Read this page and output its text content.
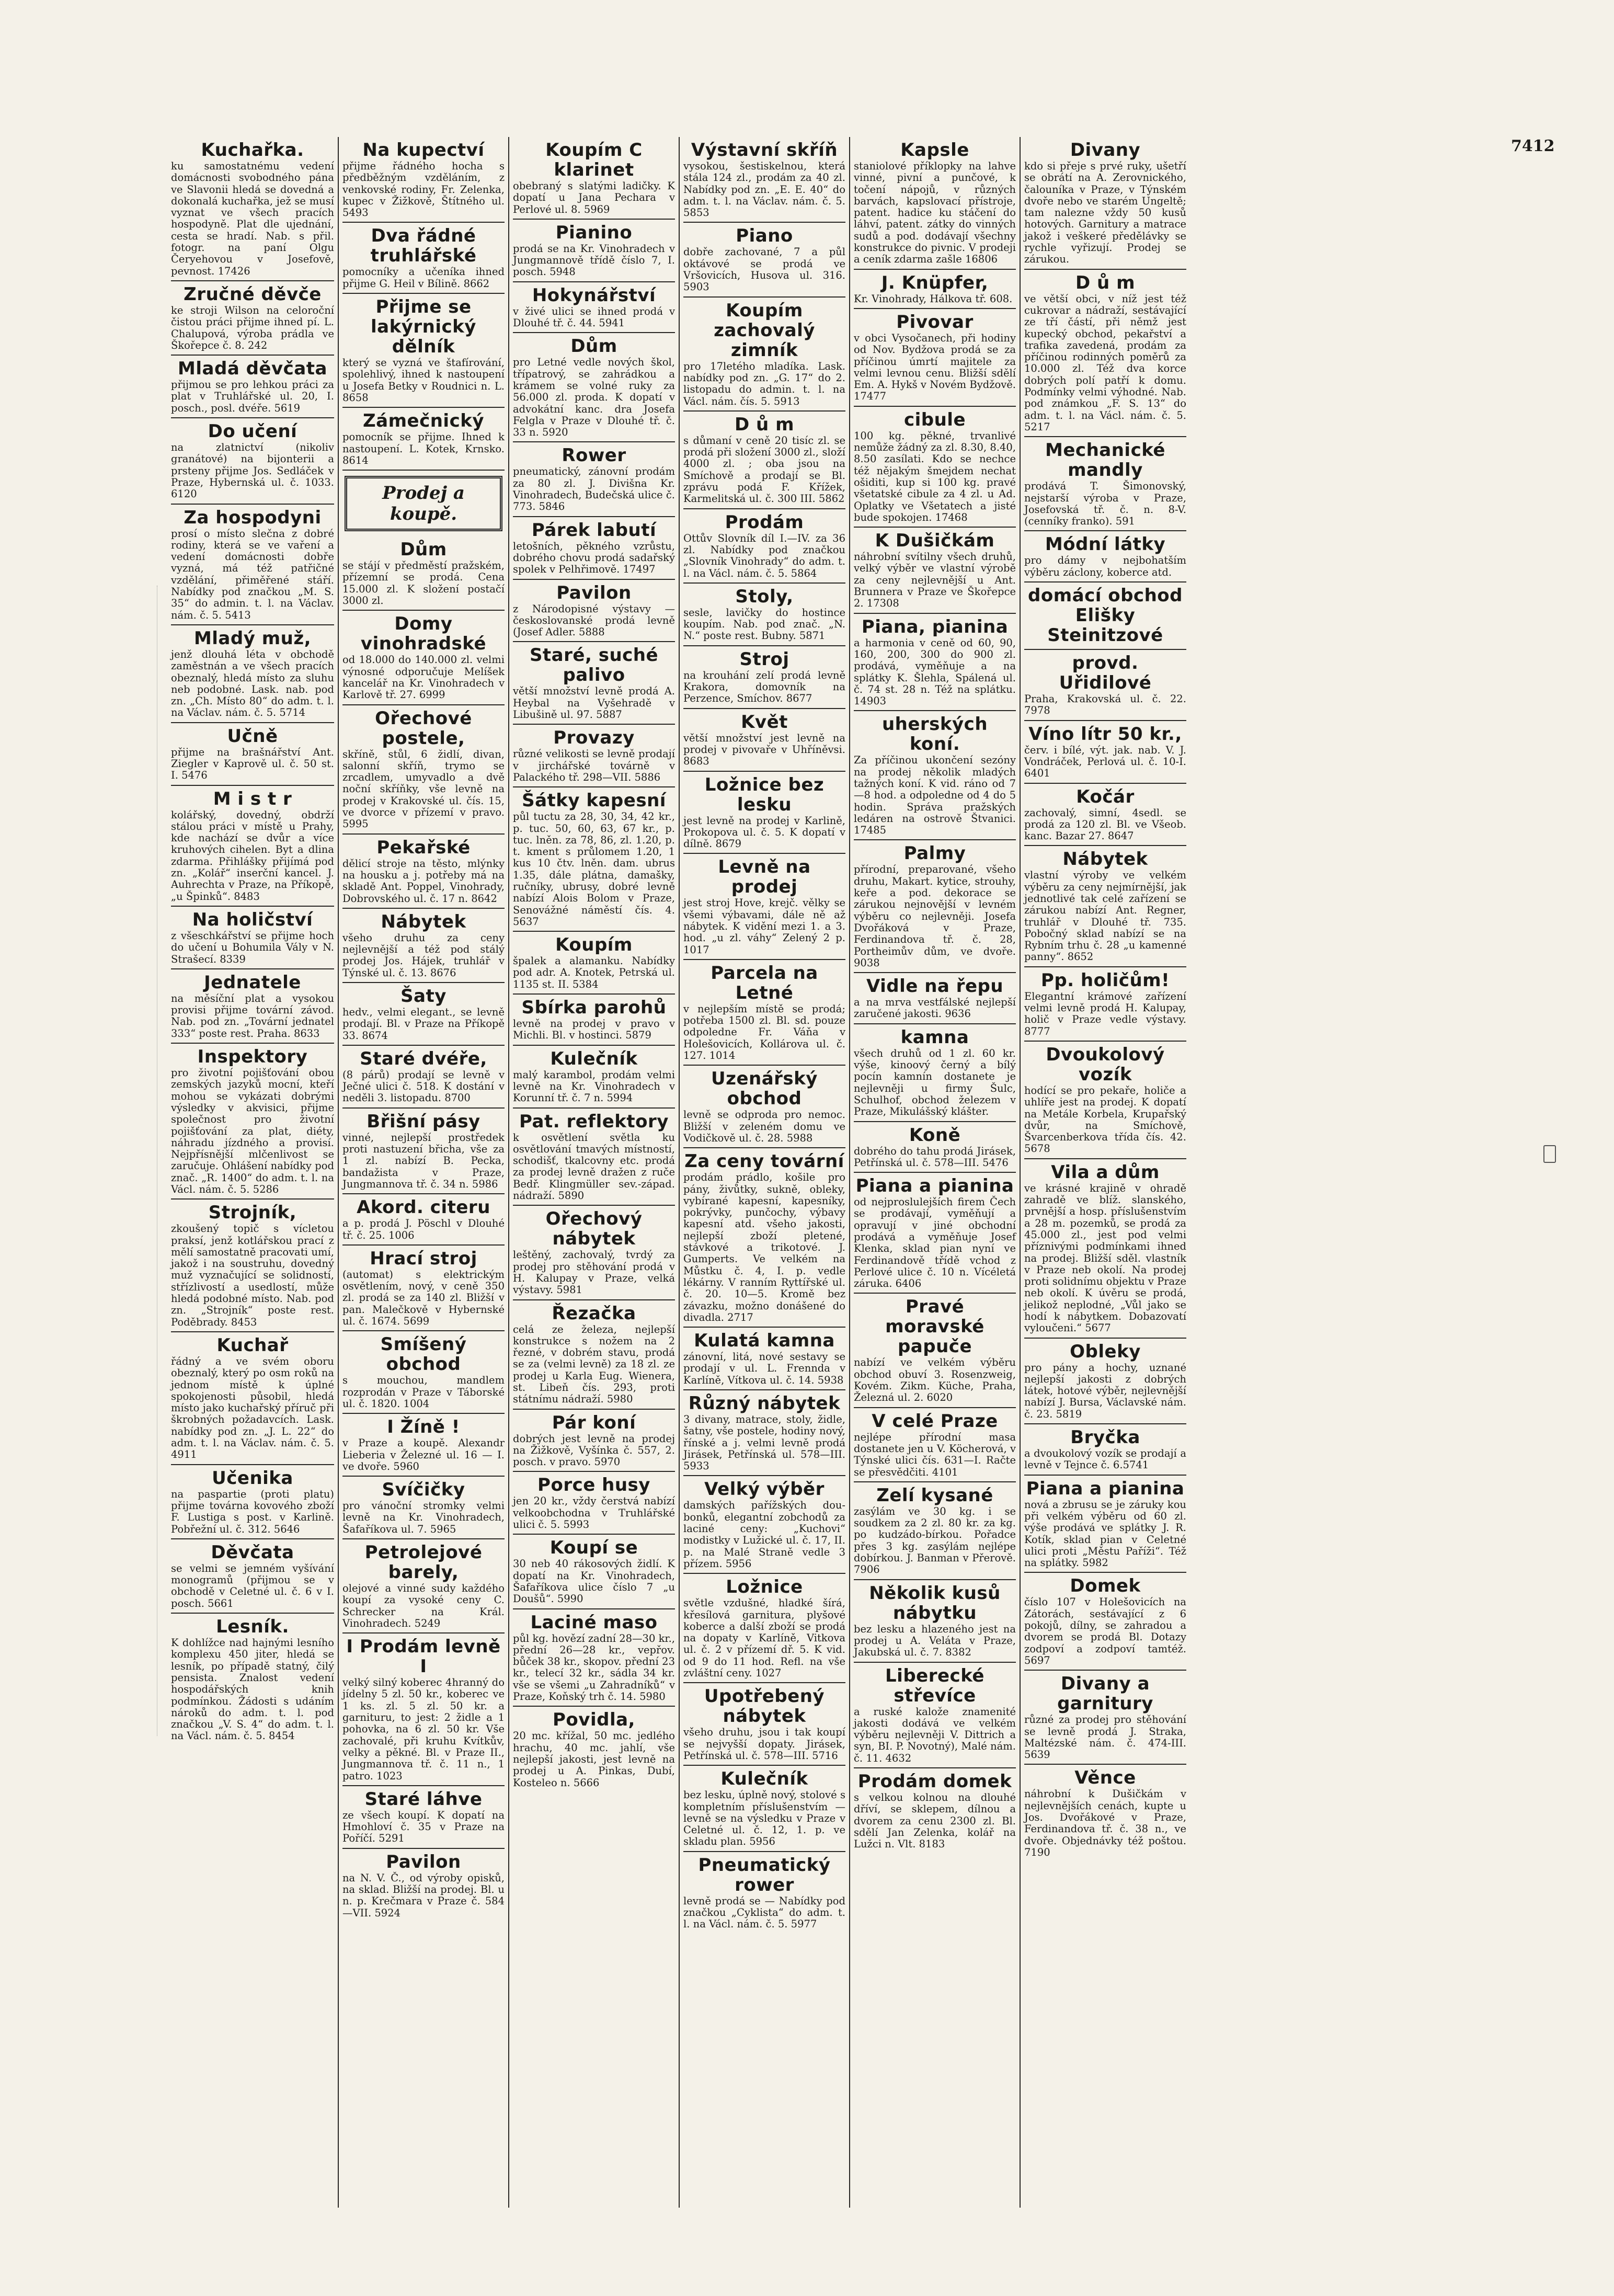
7412
Kuchařka.

ku samostatnému vedení domácnosti svobodného pána ve Slavonii hledá se dovedná a dokonalá kuchařka, jež se musí vyznat ve všech pracích hospodyně. Plat dle ujednání, cesta se hradí. Nab. s přil. fotogr. na paní Olgu Čeryehovou v Josefově, pevnost. 17426

Zručné děvče

ke stroji Wilson na celoroční čistou práci přijme ihned pí. L. Chalupová, výroba prádla ve Škořepce č. 8. 242

Mladá děvčata

přijmou se pro lehkou práci za plat v Truhlářské ul. 20, I. posch., posl. dvéře. 5619

Do učení

na zlatnictví (nikoliv granátové) na bijonterii a prsteny přijme Jos. Sedláček v Praze, Hybernská ul. č. 1033. 6120

Za hospodyni

prosí o místo slečna z dobré rodiny, která se ve vaření a vedení domácnosti dobře vyzná, má též patřičné vzdělání, přiměřené stáří. Nabídky pod značkou „M. S. 35“ do admin. t. l. na Václav. nám. č. 5. 5413

Mladý muž,

jenž dlouhá léta v obchodě zaměstnán a ve všech pracích obeznalý, hledá místo za sluhu neb podobné. Lask. nab. pod zn. „Ch. Místo 80“ do adm. t. l. na Václav. nám. č. 5. 5714

Učně

přijme na brašnářství Ant. Ziegler v Kaprově ul. č. 50 st. I. 5476

M i s t r

kolářský, dovedný, obdrží stálou práci v místě u Prahy, kde nachází se dvůr a více kruhových cihelen. Byt a dlina zdarma. Přihlášky přijímá pod zn. „Kolář“ inserční kancel. J. Auhrechta v Praze, na Příkopě, „u Špinků“. 8483

Na holičství

z všeschkářství se přijme hoch do učení u Bohumila Vály v N. Strašecí. 8339

Jednatele

na měsíční plat a vysokou provisi přijme tovární závod. Nab. pod zn. „Tovární jednatel 333“ poste rest. Praha. 8633

Inspektory

pro životní pojišťování obou zemských jazyků mocní, kteří mohou se vykázati dobrými výsledky v akvisici, přijme společnost pro životní pojišťování za plat, diéty, náhradu jízdného a provisí. Nejpřísnější mlčenlivost se zaručuje. Ohlášení nabídky pod znač. „R. 1400“ do adm. t. l. na Václ. nám. č. 5. 5286

Strojník,

zkoušený topič s vícletou praksí, jenž kotlářskou prací z mělí samostatně pracovati umí, jakož i na soustruhu, dovedný muž vyznačující se solidností, střízlivostí a usedlostí, může hledá podobné místo. Nab. pod zn. „Strojník“ poste rest. Poděbrady. 8453

Kuchař

řádný a ve svém oboru obeznalý, který po osm roků na jednom místě k úplné spokojenosti působil, hledá místo jako kuchařský příruč při škrobných požadavcích. Lask. nabídky pod zn. „J. L. 22“ do adm. t. l. na Václav. nám. č. 5. 4911

Učenika

na paspartie (proti platu) přijme továrna kovového zboží F. Lustiga s post. v Karlině. Pobřežní ul. č. 312. 5646

Děvčata

se velmi se jemném vyšívání monogramů (přijmou se v obchodě v Celetné ul. č. 6 v I. posch. 5661

Lesník.

K dohlížce nad hajnými lesního komplexu 450 jiter, hledá se lesník, po případě statný, čilý pensista. Znalost vedení hospodářských knih podmínkou. Žádosti s udáním nároků do adm. t. l. pod značkou „V. S. 4“ do adm. t. l. na Václ. nám. č. 5. 8454

Na kupectví

přijme řádného hocha s předběžným vzděláním, z venkovské rodiny, Fr. Zelenka, kupec v Žižkově, Štítného ul. 5493

Dva řádné truhlářské

pomocníky a učeníka ihned přijme G. Heil v Bílině. 8662

Přijme se lakýrnický dělník

který se vyzná ve štafírování, spolehlivý, ihned k nastoupení u Josefa Betky v Roudnici n. L. 8658

Zámečnický

pomocník se přijme. Ihned k nastoupení. L. Kotek, Krnsko. 8614

Prodej a koupě.
Dům

se stájí v předměstí pražském, přízemní se prodá. Cena 15.000 zl. K složení postačí 3000 zl.

Domy vinohradské

od 18.000 do 140.000 zl. velmi výnosné odporučuje Melíšek kancelář na Kr. Vinohradech v Karlově tř. 27. 6999

Ořechové postele,

skříně, stůl, 6 židlí, divan, salonní skříň, trymo se zrcadlem, umyvadlo a dvě noční skříňky, vše levně na prodej v Krakovské ul. čís. 15, ve dvorce v přízemí v pravo. 5995

Pekařské

dělicí stroje na těsto, mlýnky na housku a j. potřeby má na skladě Ant. Poppel, Vinohrady, Dobrovského ul. č. 17 n. 8642

Nábytek

všeho druhu za ceny nejlevnější a též pod stálý prodej Jos. Hájek, truhlář v Týnské ul. č. 13. 8676

Šaty

hedv., velmi elegant., se levně prodají. Bl. v Praze na Příkopě 33. 8674

Staré dvéře,

(8 párů) prodají se levně v Ječné ulici č. 518. K dostání v neděli 3. listopadu. 8700

Břišní pásy

vinné, nejlepší prostředek proti nastuzení břicha, vše za 1 zl. nabízí B. Pecka, bandažista v Praze, Jungmannova tř. č. 34 n. 5986

Akord. citeru

a p. prodá J. Pöschl v Dlouhé tř. č. 25. 1006

Hrací stroj

(automat) s elektrickým osvětlením, nový, v ceně 350 zl. prodá se za 140 zl. Bližší v pan. Malečkově v Hybernské ul. č. 1674. 5699

Smíšený obchod

s mouchou, mandlem rozprodán v Praze v Táborské ul. č. 1820. 1004

I Žíně !

v Praze a koupě. Alexandr Lieberia v Železné ul. 16 — I. ve dvoře. 5960

Svíčičky

pro vánoční stromky velmi levně na Kr. Vinohradech, Šafaříkova ul. 7. 5965

Petrolejové barely,

olejové a vinné sudy každého koupí za vysoké ceny C. Schrecker na Král. Vinohradech. 5249

I Prodám levně I

velký silný koberec 4hranný do jídelny 5 zl. 50 kr., koberec ve 1 ks. zl. 5 zl. 50 kr. a garnituru, to jest: 2 židle a 1 pohovka, na 6 zl. 50 kr. Vše zachovalé, při kruhu Kvítkův, velky a pěkné. Bl. v Praze II., Jungmannova tř. č. 11 n., 1 patro. 1023

Staré láhve

ze všech koupí. K dopatí na Hmohloví č. 35 v Praze na Poříčí. 5291

Pavilon

na N. V. Č., od výroby opisků, na sklad. Bližší na prodej. Bl. u n. p. Krečmara v Praze č. 584—VII. 5924

Koupím C klarinet

obebraný s slatými ladičky. K dopatí u Jana Pechara v Perlové ul. 8. 5969

Pianino

prodá se na Kr. Vinohradech v Jungmannově třídě číslo 7, I. posch. 5948

Hokynářství

v živé ulici se ihned prodá v Dlouhé tř. č. 44. 5941

Dům

pro Letné vedle nových škol, třípatrový, se zahrádkou a krámem se volné ruky za 56.000 zl. proda. K dopatí v advokátní kanc. dra Josefa Felgla v Praze v Dlouhé tř. č. 33 n. 5920

Rower

pneumatický, zánovní prodám za 80 zl. J. Divišna Kr. Vinohradech, Budečská ulice č. 773. 5846

Párek labutí

letošních, pěkného vzrůstu, dobrého chovu prodá sadařský spolek v Pelhřimově. 17497

Pavilon

z Národopisné výstavy — českoslovanské prodá levně (Josef Adler. 5888

Staré, suché palivo

větší množství levně prodá A. Heybal na Vyšehradě v Libušině ul. 97. 5887

Provazy

různé velikosti se levně prodají v jirchářské továrně v Palackého tř. 298—VII. 5886

Šátky kapesní

půl tuctu za 28, 30, 34, 42 kr., p. tuc. 50, 60, 63, 67 kr., p. tuc. lněn. za 78, 86, zl. 1.20, p. t. kment s průlomem 1.20, 1 kus 10 čtv. lněn. dam. ubrus 1.35, dále plátna, damašky, ručníky, ubrusy, dobré levně nabízí Alois Bolom v Praze, Senovážné náměstí čís. 4. 5637

Koupím

špalek a alamanku. Nabídky pod adr. A. Knotek, Petrská ul. 1135 st. II. 5384

Sbírka parohů

levně na prodej v pravo v Michli. Bl. v hostinci. 5879

Kulečník

malý karambol, prodám velmi levně na Kr. Vinohradech v Korunní tř. č. 7 n. 5994

Pat. reflektory

k osvětlení světla ku osvětlování tmavých místností, schodišť, tkalcovny etc. prodá za prodej levně dražen z ruče Bedř. Klingmüller sev.-západ. nádraží. 5890

Ořechový nábytek

leštěný, zachovalý, tvrdý za prodej pro stěhování prodá v H. Kalupay v Praze, velká výstavy. 5981

Řezačka

celá ze železa, nejlepší konstrukce s nožem na 2 řezné, v dobrém stavu, prodá se za (velmi levně) za 18 zl. ze prodej u Karla Eug. Wienera, st. Libeň čís. 293, proti státnímu nádraží. 5980

Pár koní

dobrých jest levně na prodej na Žižkově, Vyšínka č. 557, 2. posch. v pravo. 5970

Porce husy

jen 20 kr., vždy čerstvá nabízí velkoobchodna v Truhlářské ulici č. 5. 5993

Koupí se

30 neb 40 rákosových židlí. K dopatí na Kr. Vinohradech, Šafaříkova ulice číslo 7 „u Doušů“. 5990

Laciné maso

půl kg. hovězí zadní 28—30 kr., přední 26—28 kr., vepřov. bůček 38 kr., skopov. přední 23 kr., telecí 32 kr., sádla 34 kr. vše se všemi „u Zahradníků“ v Praze, Koňský trh č. 14. 5980

Povidla,

20 mc. křížal, 50 mc. jedlého hrachu, 40 mc. jahlí, vše nejlepší jakosti, jest levně na prodej u A. Pinkas, Dubí, Kosteleo n. 5666

Výstavní skříň

vysokou, šestiskelnou, která stála 124 zl., prodám za 40 zl. Nabídky pod zn. „E. E. 40“ do adm. t. l. na Václav. nám. č. 5. 5853

Piano

dobře zachované, 7 a půl oktávové se prodá ve Vršovicích, Husova ul. 316. 5903

Koupím zachovalý zimník

pro 17letého mladíka. Lask. nabídky pod zn. „G. 17“ do 2. listopadu do admin. t. l. na Václ. nám. čís. 5. 5913

D ů m

s důmaní v ceně 20 tisíc zl. se prodá při složení 3000 zl., složí 4000 zl. ; oba jsou na Smíchově a prodají se Bl. zprávu podá F. Křížek, Karmelitská ul. č. 300 III. 5862

Prodám

Ottův Slovník díl I.—IV. za 36 zl. Nabídky pod značkou „Slovník Vinohrady“ do adm. t. l. na Václ. nám. č. 5. 5864

Stoly,

sesle, lavičky do hostince koupím. Nab. pod znač. „N. N.“ poste rest. Bubny. 5871

Stroj

na krouhání zelí prodá levně Krakora, domovník na Perzence, Smíchov. 8677

Květ

větší množství jest levně na prodej v pivovaře v Uhříněvsi. 8683

Ložnice bez lesku

jest levně na prodej v Karlině, Prokopova ul. č. 5. K dopatí v dílně. 8679

Levně na prodej

jest stroj Hove, krejč. vělky se všemi výbavami, dále ně až nábytek. K vidění mezi 1. a 3. hod. „u zl. váhy“ Zelený 2 p. 1017

Parcela na Letné

v nejlepším místě se prodá; potřeba 1500 zl. Bl. sd. pouze odpoledne Fr. Váňa v Holešovicích, Kollárova ul. č. 127. 1014

Uzenářský obchod

levně se odproda pro nemoc. Bližší v zeleném domu ve Vodičkově ul. č. 28. 5988

Za ceny tovární

prodám prádlo, košile pro pány, živůtky, sukně, obleky, vybírané kapesní, kapesníky, pokrývky, punčochy, výbavy kapesní atd. všeho jakosti, nejlepší zboží pletené, stávkové a trikotové. J. Gumperts. Ve velkém na Můstku č. 4, I. p. vedle lékárny. V ranním Ryttířské ul. č. 20. 10—5. Kromě bez závazku, možno donášené do divadla. 2717

Kulatá kamna

zánovní, litá, nové sestavy se prodají v ul. L. Frennda v Karlíně, Vítkova ul. č. 14. 5938

Různý nábytek

3 divany, matrace, stoly, židle, šatny, vše postele, hodiny nový, řínské a j. velmi levně prodá Jirásek, Petřínská ul. 578—III. 5933

Velký výběr

damských pařížských dou-bonků, elegantní zobchodů za laciné ceny: „Kuchovi“ modistky v Lužické ul. č. 17, II. p. na Malé Straně vedle 3 přízem. 5956

Ložnice

světle vzdušné, hladké šírá, křesílová garnitura, plyšové koberce a další zboží se prodá na dopaty v Karlíně, Vitkova ul. č. 2 v přízemí dř. 5. K vid. od 9 do 11 hod. Refl. na vše zvláštní ceny. 1027

Upotřebený nábytek

všeho druhu, jsou i tak koupí se nejvyšší dopaty. Jirásek, Petřínská ul. č. 578—III. 5716

Kulečník

bez lesku, úplně nový, stolové s kompletním příslušenstvím — levně se na výsledku v Praze v Celetné ul. č. 12, 1. p. ve skladu plan. 5956

Pneumatický rower

levně prodá se — Nabídky pod značkou „Cyklista“ do adm. t. l. na Václ. nám. č. 5. 5977

Kapsle

staniolové příklopky na lahve vinné, pivní a punčové, k točení nápojů, v různých barvách, kapslovací přístroje, patent. hadice ku stáčení do láhví, patent. zátky do vinných sudů a pod. dodávají všechny konstrukce do pivnic. V prodeji a ceník zdarma zašle 16806

J. Knüpfer,

Kr. Vinohrady, Hálkova tř. 608.

Pivovar

v obci Vysočanech, při hodiny od Nov. Bydžova prodá se za příčinou úmrtí majitele za velmi levnou cenu. Bližší sdělí Em. A. Hykš v Novém Bydžově. 17477

cibule

100 kg. pěkné, trvanlivé nemůže žádný za zl. 8.30, 8.40, 8.50 zasílati. Kdo se nechce též nějakým šmejdem nechat ošiditi, kup si 100 kg. pravé všetatské cibule za 4 zl. u Ad. Oplatky ve Všetatech a jisté bude spokojen. 17468

K Dušičkám

náhrobní svítilny všech druhů, velký výběr ve vlastní výrobě za ceny nejlevnější u Ant. Brunnera v Praze ve Škořepce 2. 17308

Piana, pianina

a harmonia v ceně od 60, 90, 160, 200, 300 do 900 zl. prodává, vyměňuje a na splátky K. Šlehla, Spálená ul. č. 74 st. 28 n. Též na splátku. 14903

uherských koní.

Za příčinou ukončení sezóny na prodej několik mladých tažných koní. K vid. ráno od 7—8 hod. a odpoledne od 4 do 5 hodin. Správa pražských ledáren na ostrově Štvanici. 17485

Palmy

přírodní, preparované, všeho druhu, Makart. kytice, strouhy, keře a pod. dekorace se zárukou nejnovější v levném výběru co nejlevněji. Josefa Dvořáková v Praze, Ferdinandova tř. č. 28, Portheimův dům, ve dvoře. 9038

Vidle na řepu

a na mrva vestfálské nejlepší zaručené jakosti. 9636

kamna

všech druhů od 1 zl. 60 kr. výše, kinoový černý a bílý pocín kamnín dostanete je nejlevněji u firmy Šulc, Schulhof, obchod železem v Praze, Mikulášský klášter.

Koně

dobrého do tahu prodá Jirásek, Petřínská ul. č. 578—III. 5476

Piana a pianina

od nejproslulejších firem Čech se prodávají, vyměňují a opravují v jiné obchodní prodává a vyměňuje Josef Klenka, sklad pian nyní ve Ferdinandově třídě vchod z Perlové ulice č. 10 n. Vícéletá záruka. 6406

Pravé moravské papuče

nabízí ve velkém výběru obchod obuví 3. Rosenzweig, Kovém. Zikm. Küche, Praha, Železná ul. 2. 6020

V celé Praze

nejlépe přírodní masa dostanete jen u V. Köcherová, v Týnské ulici čís. 631—I. Račte se přesvědčiti. 4101

Zelí kysané

zasýlám ve 30 kg. i se soudkem za 2 zl. 80 kr. za kg. po kudzádo-bírkou. Pořadce přes 3 kg. zasýlám nejlépe dobírkou. J. Banman v Přerově. 7906

Několik kusů nábytku

bez lesku a hlazeného jest na prodej u A. Veláta v Praze, Jakubská ul. č. 7. 8382

Liberecké střevíce

a ruské kalože znamenité jakosti dodává ve velkém výběru nejlevněji V. Dittrich a syn, BI. P. Novotný), Malé nám. č. 11. 4632

Prodám domek

s velkou kolnou na dlouhé dříví, se sklepem, dílnou a dvorem za cenu 2300 zl. Bl. sdělí Jan Zelenka, kolář na Lužci n. Vlt. 8183

Divany

kdo si přeje s prvé ruky, ušetří se obrátí na A. Zerovnického, čalouníka v Praze, v Týnském dvoře nebo ve starém Ungeltě; tam nalezne vždy 50 kusů hotových. Garnitury a matrace jakož i veškeré předělávky se rychle vyřizují. Prodej se zárukou.

D ů m

ve větší obci, v níž jest též cukrovar a nádraží, sestávající ze tří částí, při němž jest kupecký obchod, pekařství a trafika zavedená, prodám za příčinou rodinných poměrů za 10.000 zl. Též dva korce dobrých polí patří k domu. Podmínky velmi výhodné. Nab. pod známkou „F. S. 13“ do adm. t. l. na Václ. nám. č. 5. 5217

Mechanické mandly

prodává T. Šimonovský, nejstarší výroba v Praze, Josefovská tř. č. n. 8-V. (cenníky franko). 591

Módní látky

pro dámy v nejbohatším výběru záclony, koberce atd.

domácí obchod Elišky Steinitzové
provd. Uřidilové

Praha, Krakovská ul. č. 22. 7978

Víno lítr 50 kr.,

červ. i bílé, výt. jak. nab. V. J. Vondráček, Perlová ul. č. 10-I. 6401

Kočár

zachovalý, simní, 4sedl. se prodá za 120 zl. Bl. ve Všeob. kanc. Bazar 27. 8647

Nábytek

vlastní výroby ve velkém výběru za ceny nejmírnější, jak jednotlivé tak celé zařízení se zárukou nabízí Ant. Regner, truhlář v Dlouhé tř. 735. Pobočný sklad nabízí se na Rybním trhu č. 28 „u kamenné panny“. 8652

Pp. holičům!

Elegantní krámové zařízení velmi levně prodá H. Kalupay, holič v Praze vedle výstavy. 8777

Dvoukolový vozík

hodící se pro pekaře, holiče a uhlíře jest na prodej. K dopatí na Metále Korbela, Krupařský dvůr, na Smíchově, Švarcenberkova třída čís. 42. 5678

Vila a dům

ve krásné krajině v ohradě zahradě ve blíž. slanského, prvnější a hosp. příslušenstvím a 28 m. pozemků, se prodá za 45.000 zl., jest pod velmi příznivými podmínkami ihned na prodej. Bližší sděl. vlastník v Praze neb okolí. Na prodej proti solidnímu objektu v Praze neb okolí. K úvěru se prodá, jelikož neplodné, „Vůl jako se hodí k nábytkem. Dobazovatí vyloučeni.“ 5677

Obleky

pro pány a hochy, uznané nejlepší jakosti z dobrých látek, hotové výběr, nejlevnější nabízí J. Bursa, Václavské nám. č. 23. 5819

Bryčka

a dvoukolový vozík se prodají a levně v Tejnce č. 6.5741

Piana a pianina

nová a zbrusu se je záruky kou při velkém výběru od 60 zl. výše prodává ve splátky J. R. Kotík, sklad pian v Celetné ulici proti „Městu Paříži“. Též na splátky. 5982

Domek

číslo 107 v Holešovicích na Zátorách, sestávající z 6 pokojů, dílny, se zahradou a dvorem se prodá Bl. Dotazy zodpoví a zodpoví tamtéž. 5697

Divany a garnitury

různé za prodej pro stěhování se levně prodá J. Straka, Maltézské nám. č. 474-III. 5639

Věnce

náhrobní k Dušičkám v nejlevnějších cenách, kupte u Jos. Dvořákové v Praze, Ferdinandova tř. č. 38 n., ve dvoře. Objednávky též poštou. 7190
